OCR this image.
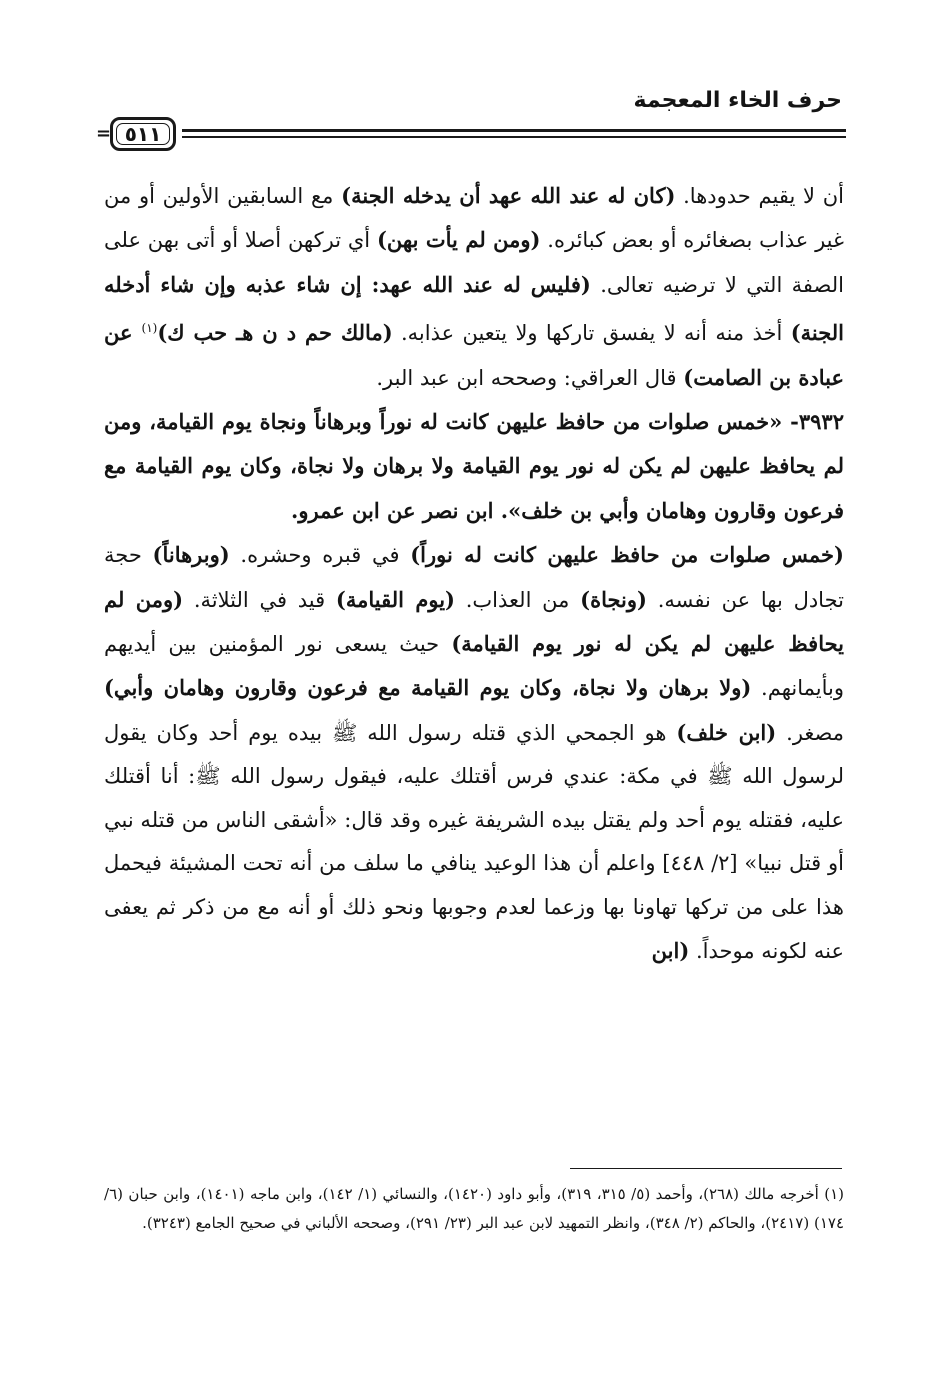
حرف الخاء المعجمة
= ٥١١

أن لا يقيم حدودها. (كان له عند الله عهد أن يدخله الجنة) مع السابقين الأولين أو من غير عذاب بصغائره أو بعض كبائره. (ومن لم يأت بهن) أي تركهن أصلا أو أتى بهن على الصفة التي لا ترضيه تعالى. (فليس له عند الله عهد: إن شاء عذبه وإن شاء أدخله الجنة) أخذ منه أنه لا يفسق تاركها ولا يتعين عذابه. (مالك حم د ن هـ حب ك)$^{(١)}$ عن عبادة بن الصامت) قال العراقي: وصححه ابن عبد البر.

٣٩٣٢- «خمس صلوات من حافظ عليهن كانت له نوراً وبرهاناً ونجاة يوم القيامة، ومن لم يحافظ عليهن لم يكن له نور يوم القيامة ولا برهان ولا نجاة، وكان يوم القيامة مع فرعون وقارون وهامان وأبي بن خلف». ابن نصر عن ابن عمرو.

(خمس صلوات من حافظ عليهن كانت له نوراً) في قبره وحشره. (وبرهاناً) حجة تجادل بها عن نفسه. (ونجاة) من العذاب. (يوم القيامة) قيد في الثلاثة. (ومن لم يحافظ عليهن لم يكن له نور يوم القيامة) حيث يسعى نور المؤمنين بين أيديهم وبأيمانهم. (ولا برهان ولا نجاة، وكان يوم القيامة مع فرعون وقارون وهامان وأبي) مصغر. (ابن خلف) هو الجمحي الذي قتله رسول الله ﷺ بيده يوم أحد وكان يقول لرسول الله ﷺ في مكة: عندي فرس أقتلك عليه، فيقول رسول الله ﷺ: أنا أقتلك عليه، فقتله يوم أحد ولم يقتل بيده الشريفة غيره وقد قال: «أشقى الناس من قتله نبي أو قتل نبيا» [٢/ ٤٤٨] واعلم أن هذا الوعيد ينافي ما سلف من أنه تحت المشيئة فيحمل هذا على من تركها تهاونا بها وزعما لعدم وجوبها ونحو ذلك أو أنه مع من ذكر ثم يعفى عنه لكونه موحداً. (ابن

(١) أخرجه مالك (٢٦٨)، وأحمد (٥/ ٣١٥، ٣١٩)، وأبو داود (١٤٢٠)، والنسائي (١/ ١٤٢)، وابن ماجه (١٤٠١)، وابن حبان (٦/ ١٧٤) (٢٤١٧)، والحاكم (٢/ ٣٤٨)، وانظر التمهيد لابن عبد البر (٢٣/ ٢٩١)، وصححه الألباني في صحيح الجامع (٣٢٤٣).
